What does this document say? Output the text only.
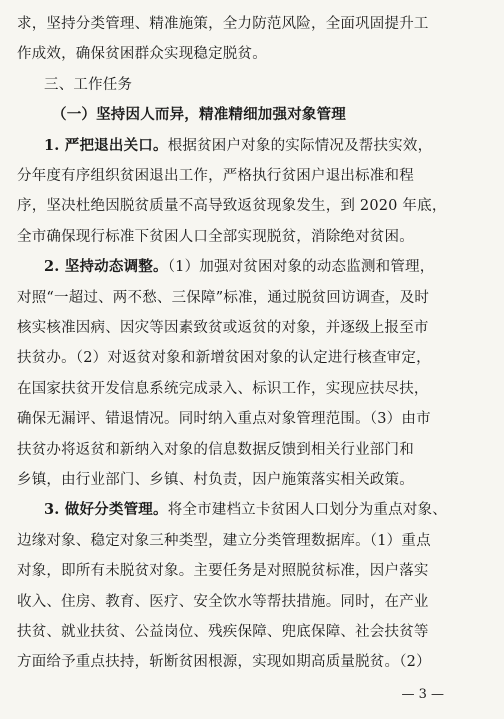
求，坚持分类管理、精准施策，全力防范风险，全面巩固提升工
作成效，确保贫困群众实现稳定脱贫。
三、工作任务
（一）坚持因人而异，精准精细加强对象管理
1. 严把退出关口。根据贫困户对象的实际情况及帮扶实效，
分年度有序组织贫困退出工作，严格执行贫困户退出标准和程
序，坚决杜绝因脱贫质量不高导致返贫现象发生，到 2020 年底，
全市确保现行标准下贫困人口全部实现脱贫，消除绝对贫困。
2. 坚持动态调整。（1）加强对贫困对象的动态监测和管理，
对照“一超过、两不愁、三保障”标准，通过脱贫回访调查，及时
核实核准因病、因灾等因素致贫或返贫的对象，并逐级上报至市
扶贫办。（2）对返贫对象和新增贫困对象的认定进行核查审定，
在国家扶贫开发信息系统完成录入、标识工作，实现应扶尽扶，
确保无漏评、错退情况。同时纳入重点对象管理范围。（3）由市
扶贫办将返贫和新纳入对象的信息数据反馈到相关行业部门和
乡镇，由行业部门、乡镇、村负责，因户施策落实相关政策。
3. 做好分类管理。将全市建档立卡贫困人口划分为重点对象、
— 3 —
边缘对象、稳定对象三种类型，建立分类管理数据库。（1）重点
对象，即所有未脱贫对象。主要任务是对照脱贫标准，因户落实
收入、住房、教育、医疗、安全饮水等帮扶措施。同时，在产业
扶贫、就业扶贫、公益岗位、残疾保障、兜底保障、社会扶贫等
方面给予重点扶持，斩断贫困根源，实现如期高质量脱贫。（2）
